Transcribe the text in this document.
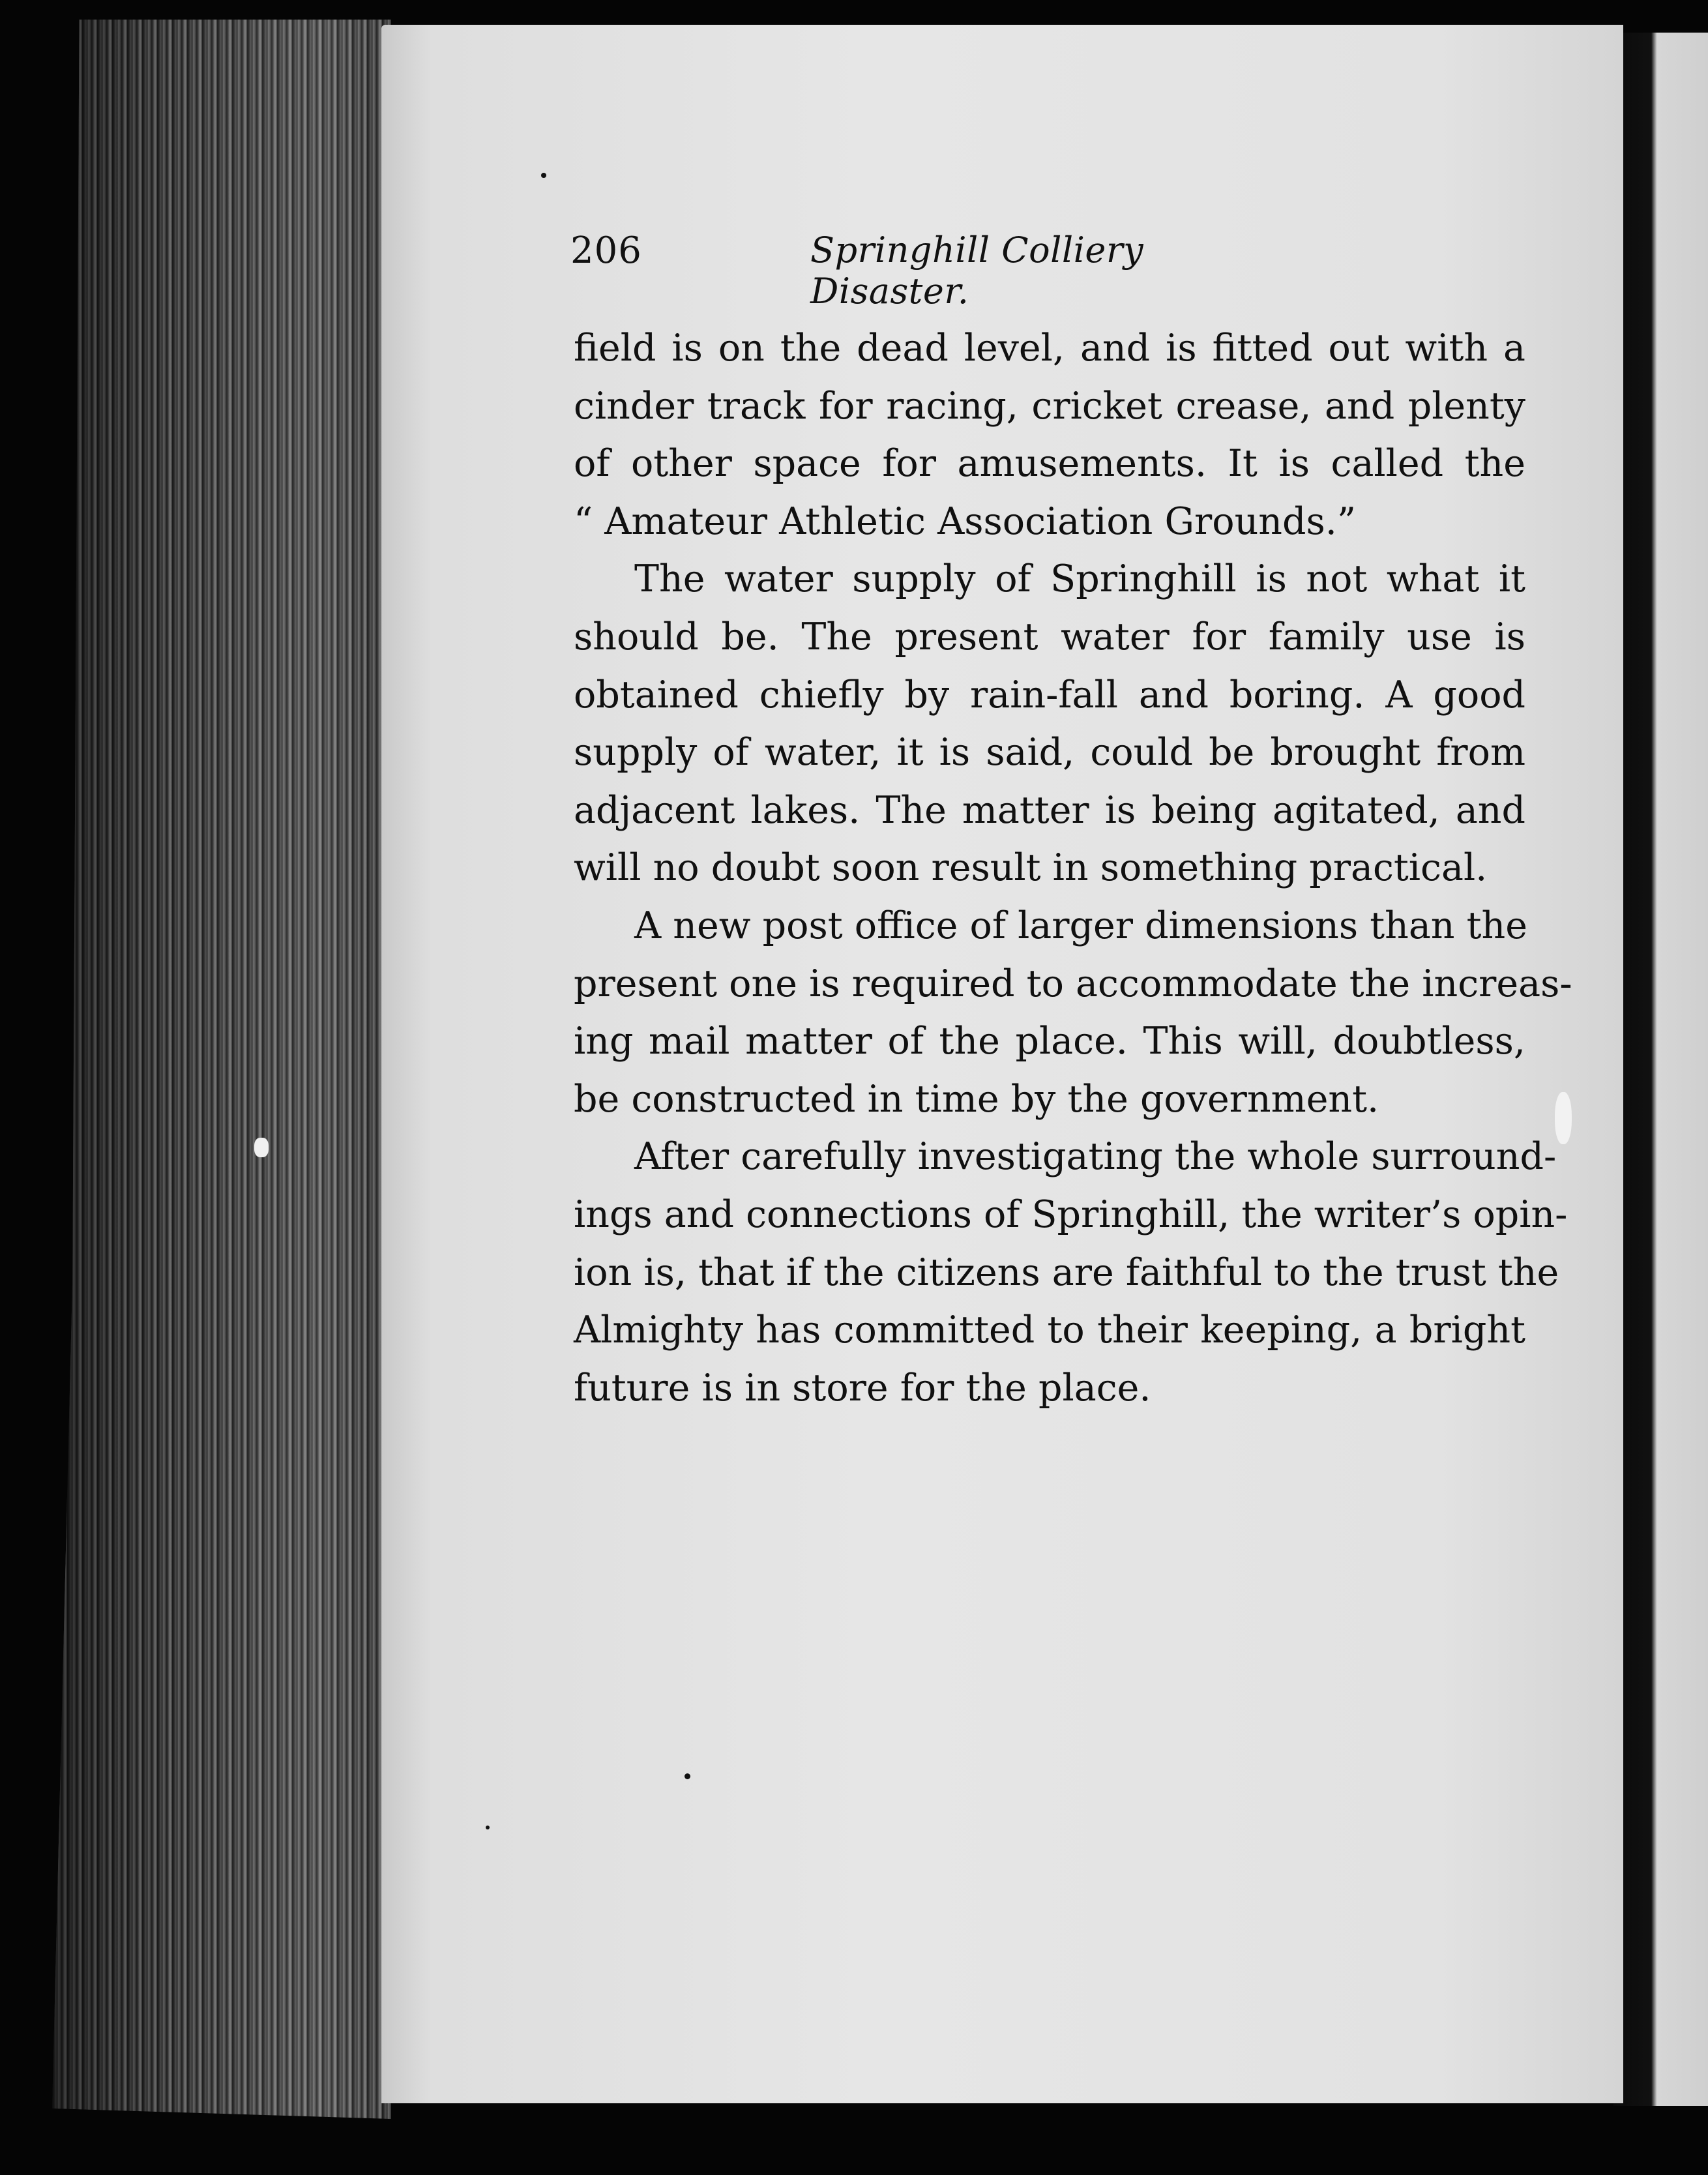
206	Springhill Colliery Disaster.
field is on the dead level, and is fitted out with a
cinder track for racing, cricket crease, and plenty
of other space for amusements. It is called the
“ Amateur Athletic Association Grounds.”
The water supply of Springhill is not what it
should be. The present water for family use is
obtained chiefly by rain-fall and boring. A good
supply of water, it is said, could be brought from
adjacent lakes. The matter is being agitated, and
will no doubt soon result in something practical.
A new post office of larger dimensions than the
present one is required to accommodate the increas-
ing mail matter of the place. This will, doubtless,
be constructed in time by the government.
After carefully investigating the whole surround-
ings and connections of Springhill, the writer’s opin-
ion is, that if the citizens are faithful to the trust the
Almighty has committed to their keeping, a bright
future is in store for the place.
